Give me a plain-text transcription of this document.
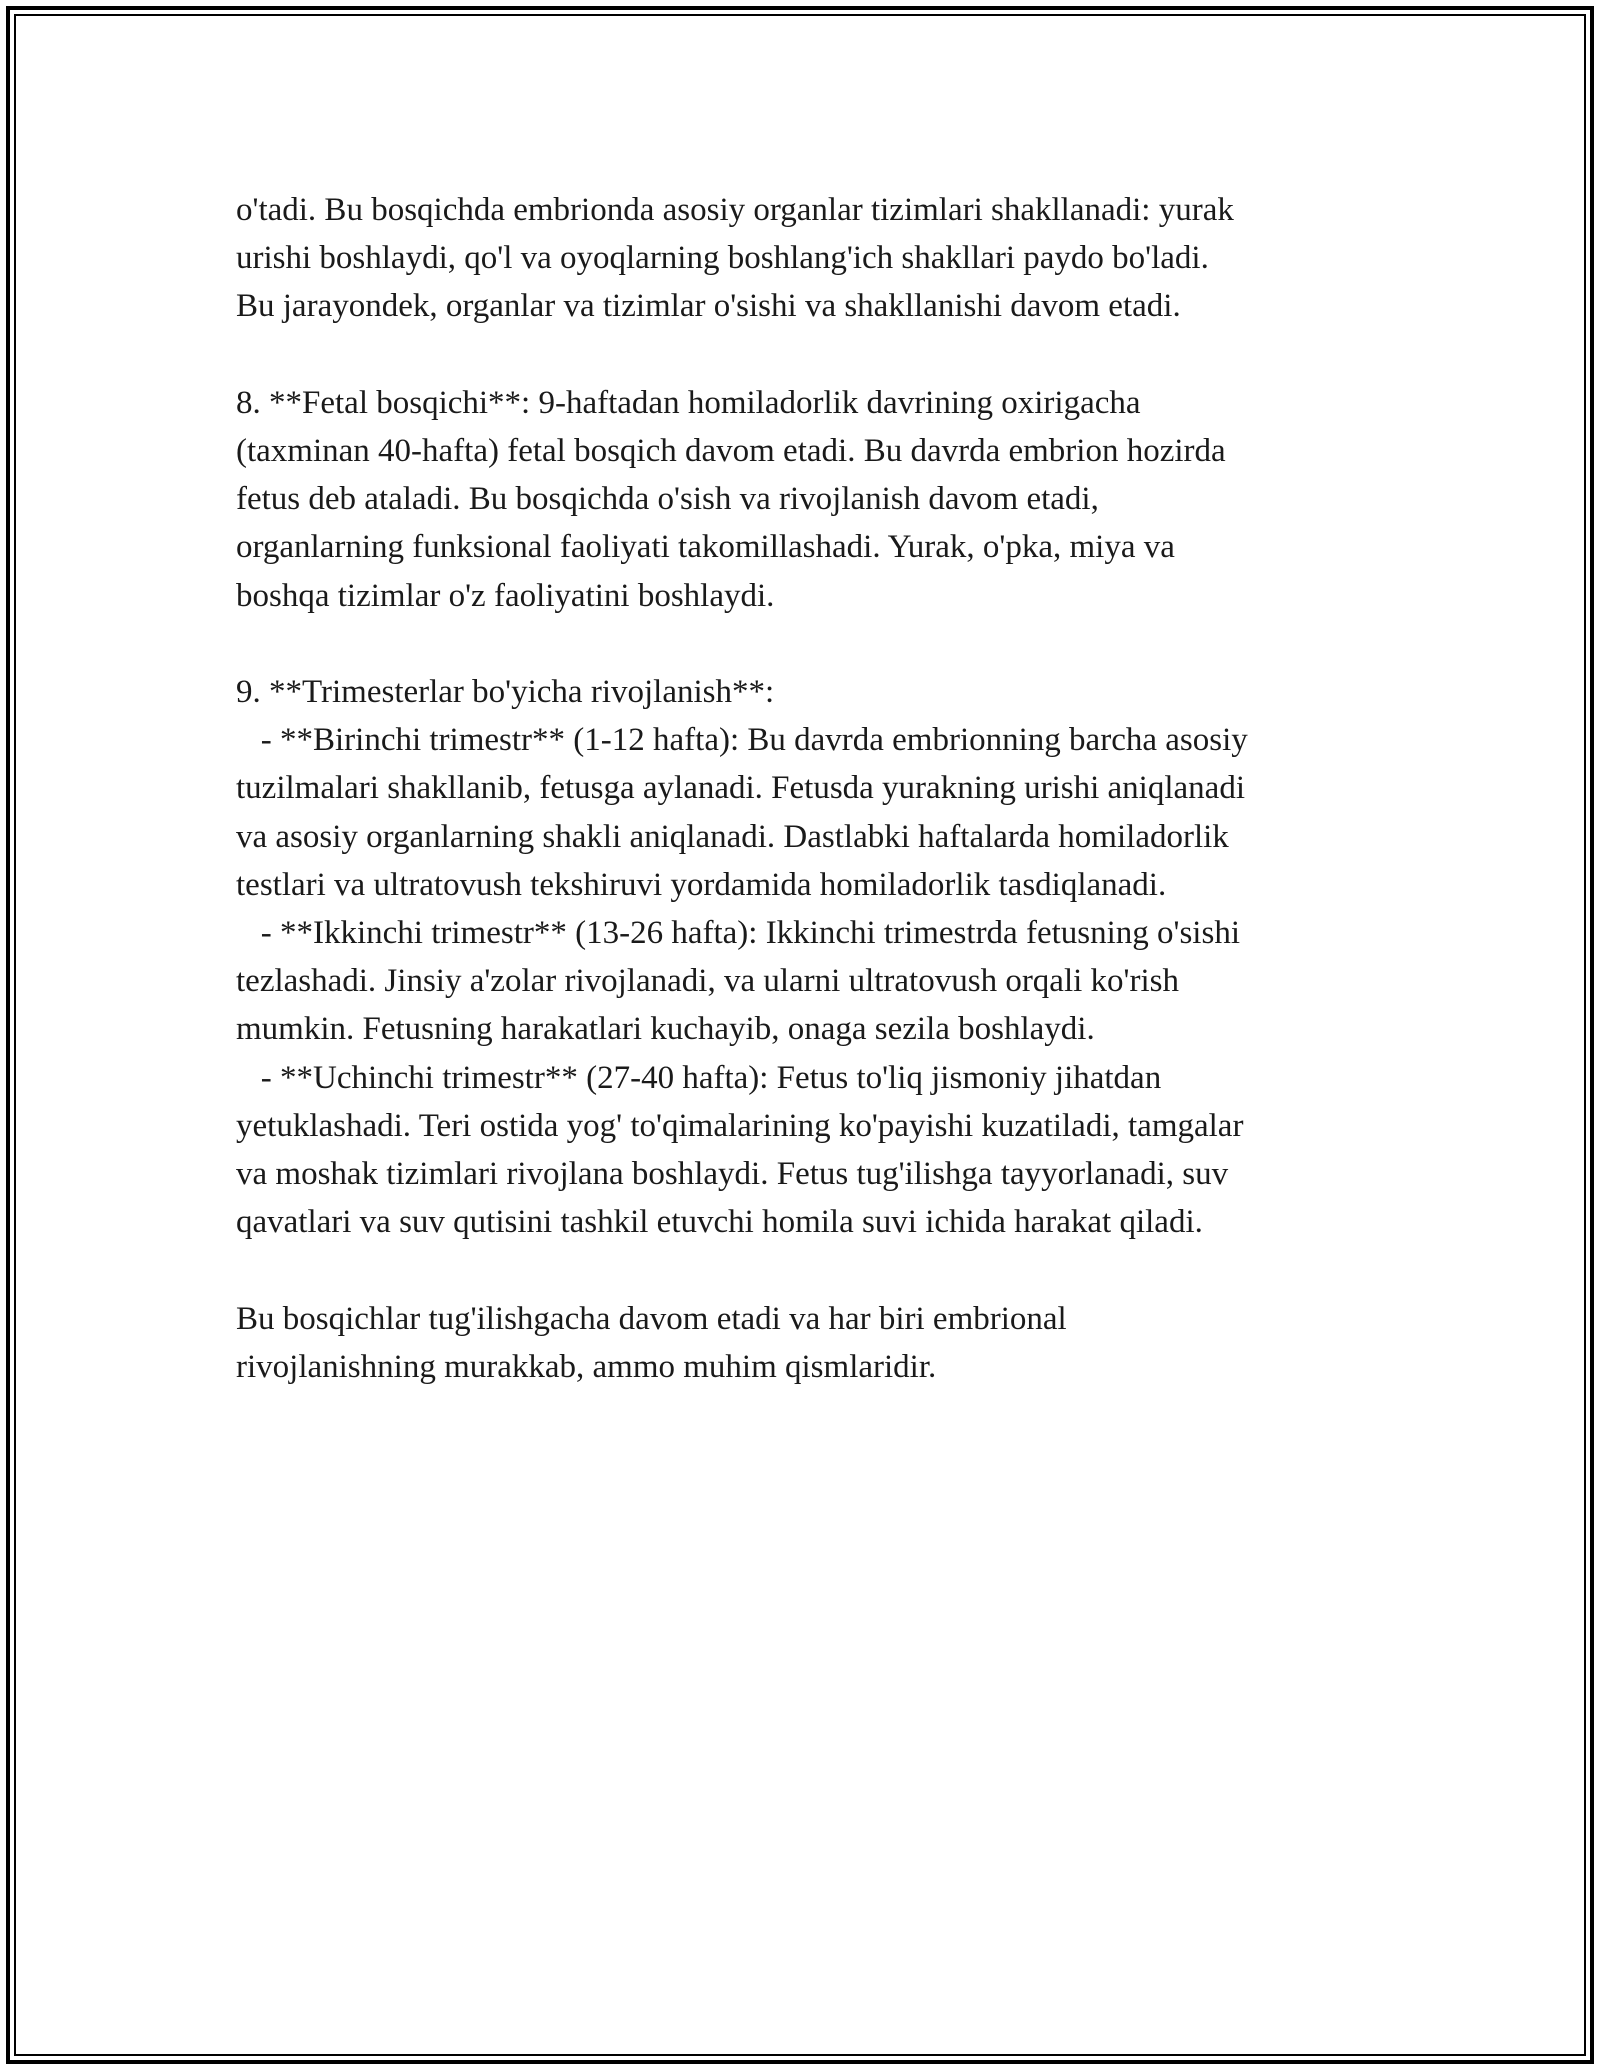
o'tadi. Bu bosqichda embrionda asosiy organlar tizimlari shakllanadi: yurak
urishi boshlaydi, qo'l va oyoqlarning boshlang'ich shakllari paydo bo'ladi.
Bu jarayondek, organlar va tizimlar o'sishi va shakllanishi davom etadi.
8. **Fetal bosqichi**: 9-haftadan homiladorlik davrining oxirigacha
(taxminan 40-hafta) fetal bosqich davom etadi. Bu davrda embrion hozirda
fetus deb ataladi. Bu bosqichda o'sish va rivojlanish davom etadi,
organlarning funksional faoliyati takomillashadi. Yurak, o'pka, miya va
boshqa tizimlar o'z faoliyatini boshlaydi.
9. **Trimesterlar bo'yicha rivojlanish**:
- **Birinchi trimestr** (1-12 hafta): Bu davrda embrionning barcha asosiy
tuzilmalari shakllanib, fetusga aylanadi. Fetusda yurakning urishi aniqlanadi
va asosiy organlarning shakli aniqlanadi. Dastlabki haftalarda homiladorlik
testlari va ultratovush tekshiruvi yordamida homiladorlik tasdiqlanadi.
- **Ikkinchi trimestr** (13-26 hafta): Ikkinchi trimestrda fetusning o'sishi
tezlashadi. Jinsiy a'zolar rivojlanadi, va ularni ultratovush orqali ko'rish
mumkin. Fetusning harakatlari kuchayib, onaga sezila boshlaydi.
- **Uchinchi trimestr** (27-40 hafta): Fetus to'liq jismoniy jihatdan
yetuklashadi. Teri ostida yog' to'qimalarining ko'payishi kuzatiladi, tamgalar
va moshak tizimlari rivojlana boshlaydi. Fetus tug'ilishga tayyorlanadi, suv
qavatlari va suv qutisini tashkil etuvchi homila suvi ichida harakat qiladi.
Bu bosqichlar tug'ilishgacha davom etadi va har biri embrional
rivojlanishning murakkab, ammo muhim qismlaridir.
